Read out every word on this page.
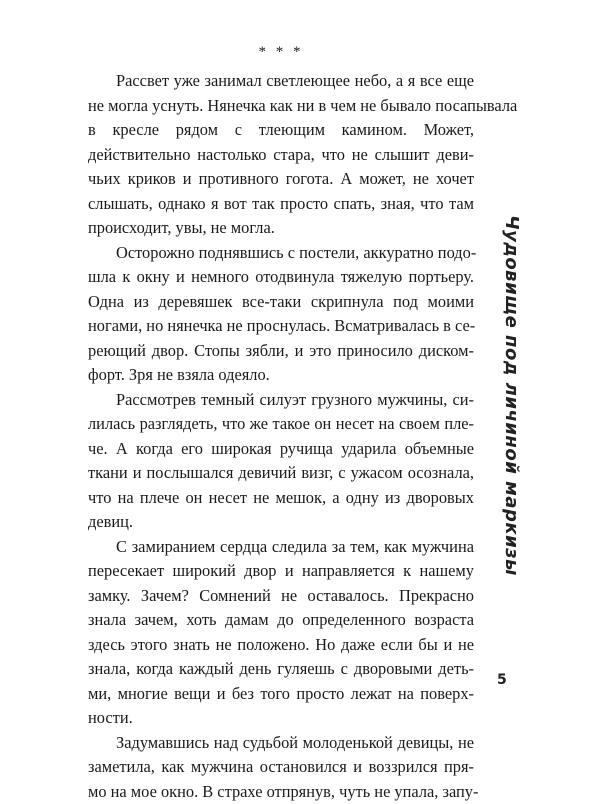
* * *
Рассвет уже занимал светлеющее небо, а я все еще
не могла уснуть. Нянечка как ни в чем не бывало посапывала
в кресле рядом с тлеющим камином. Может,
действительно настолько стара, что не слышит деви-
чьих криков и противного гогота. А может, не хочет
слышать, однако я вот так просто спать, зная, что там
происходит, увы, не могла.
Осторожно поднявшись с постели, аккуратно подо-
шла к окну и немного отодвинула тяжелую портьеру.
Одна из деревяшек все-таки скрипнула под моими
ногами, но нянечка не проснулась. Всматривалась в се-
реющий двор. Стопы зябли, и это приносило диском-
форт. Зря не взяла одеяло.
Рассмотрев темный силуэт грузного мужчины, си-
лилась разглядеть, что же такое он несет на своем пле-
че. А когда его широкая ручища ударила объемные
ткани и послышался девичий визг, с ужасом осознала,
что на плече он несет не мешок, а одну из дворовых
девиц.
С замиранием сердца следила за тем, как мужчина
пересекает широкий двор и направляется к нашему
замку. Зачем? Сомнений не оставалось. Прекрасно
знала зачем, хоть дамам до определенного возраста
здесь этого знать не положено. Но даже если бы и не
знала, когда каждый день гуляешь с дворовыми деть-
ми, многие вещи и без того просто лежат на поверх-
ности.
Задумавшись над судьбой молоденькой девицы, не
заметила, как мужчина остановился и воззрился пря-
мо на мое окно. В страхе отпрянув, чуть не упала, запу-
Чудовище под личиной маркизы
5
